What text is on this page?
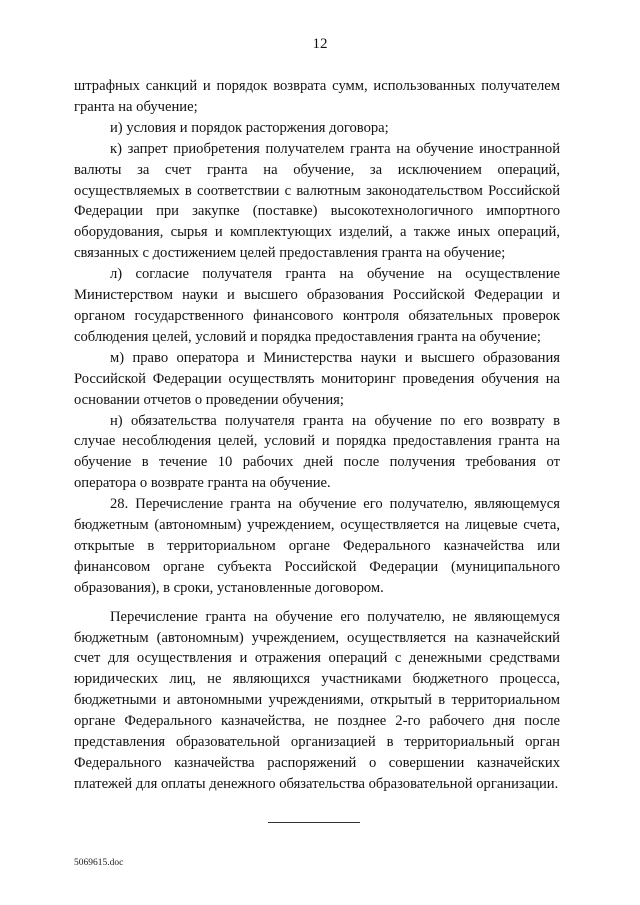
12

штрафных санкций и порядок возврата сумм, использованных получателем гранта на обучение;

и) условия и порядок расторжения договора;

к) запрет приобретения получателем гранта на обучение иностранной валюты за счет гранта на обучение, за исключением операций, осуществляемых в соответствии с валютным законодательством Российской Федерации при закупке (поставке) высокотехнологичного импортного оборудования, сырья и комплектующих изделий, а также иных операций, связанных с достижением целей предоставления гранта на обучение;

л) согласие получателя гранта на обучение на осуществление Министерством науки и высшего образования Российской Федерации и органом государственного финансового контроля обязательных проверок соблюдения целей, условий и порядка предоставления гранта на обучение;

м) право оператора и Министерства науки и высшего образования Российской Федерации осуществлять мониторинг проведения обучения на основании отчетов о проведении обучения;

н) обязательства получателя гранта на обучение по его возврату в случае несоблюдения целей, условий и порядка предоставления гранта на обучение в течение 10 рабочих дней после получения требования от оператора о возврате гранта на обучение.

28. Перечисление гранта на обучение его получателю, являющемуся бюджетным (автономным) учреждением, осуществляется на лицевые счета, открытые в территориальном органе Федерального казначейства или финансовом органе субъекта Российской Федерации (муниципального образования), в сроки, установленные договором.

Перечисление гранта на обучение его получателю, не являющемуся бюджетным (автономным) учреждением, осуществляется на казначейский счет для осуществления и отражения операций с денежными средствами юридических лиц, не являющихся участниками бюджетного процесса, бюджетными и автономными учреждениями, открытый в территориальном органе Федерального казначейства, не позднее 2-го рабочего дня после представления образовательной организацией в территориальный орган Федерального казначейства распоряжений о совершении казначейских платежей для оплаты денежного обязательства образовательной организации.

5069615.doc
